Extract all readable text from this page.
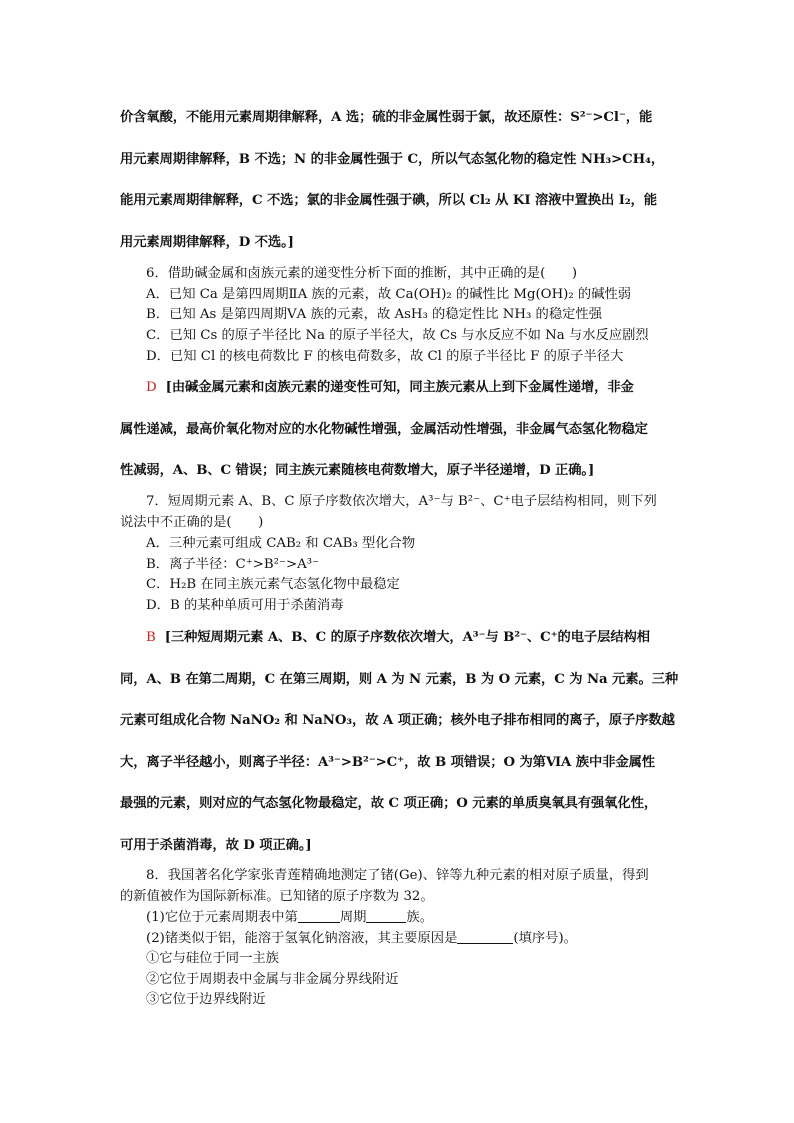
价含氧酸，不能用元素周期律解释，A 选；硫的非金属性弱于氯，故还原性：S²⁻>Cl⁻，能
用元素周期律解释，B 不选；N 的非金属性强于 C，所以气态氢化物的稳定性 NH₃>CH₄，
能用元素周期律解释，C 不选；氯的非金属性强于碘，所以 Cl₂ 从 KI 溶液中置换出 I₂，能
用元素周期律解释，D 不选。]
6．借助碱金属和卤族元素的递变性分析下面的推断，其中正确的是(　　)
A．已知 Ca 是第四周期ⅡA 族的元素，故 Ca(OH)₂ 的碱性比 Mg(OH)₂ 的碱性弱
B．已知 As 是第四周期ⅤA 族的元素，故 AsH₃ 的稳定性比 NH₃ 的稳定性强
C．已知 Cs 的原子半径比 Na 的原子半径大，故 Cs 与水反应不如 Na 与水反应剧烈
D．已知 Cl 的核电荷数比 F 的核电荷数多，故 Cl 的原子半径比 F 的原子半径大
D [由碱金属元素和卤族元素的递变性可知，同主族元素从上到下金属性递增，非金
属性递减，最高价氧化物对应的水化物碱性增强，金属活动性增强，非金属气态氢化物稳定
性减弱，A、B、C 错误；同主族元素随核电荷数增大，原子半径递增，D 正确。]
7．短周期元素 A、B、C 原子序数依次增大，A³⁻与 B²⁻、C⁺电子层结构相同，则下列
说法中不正确的是(　　)
A．三种元素可组成 CAB₂ 和 CAB₃ 型化合物
B．离子半径：C⁺>B²⁻>A³⁻
C．H₂B 在同主族元素气态氢化物中最稳定
D．B 的某种单质可用于杀菌消毒
B [三种短周期元素 A、B、C 的原子序数依次增大，A³⁻与 B²⁻、C⁺的电子层结构相
同，A、B 在第二周期，C 在第三周期，则 A 为 N 元素，B 为 O 元素，C 为 Na 元素。三种
元素可组成化合物 NaNO₂ 和 NaNO₃，故 A 项正确；核外电子排布相同的离子，原子序数越
大，离子半径越小，则离子半径：A³⁻>B²⁻>C⁺，故 B 项错误；O 为第ⅥA 族中非金属性
最强的元素，则对应的气态氢化物最稳定，故 C 项正确；O 元素的单质臭氧具有强氧化性，
可用于杀菌消毒，故 D 项正确。]
8．我国著名化学家张青莲精确地测定了锗(Ge)、锌等九种元素的相对原子质量，得到
的新值被作为国际新标准。已知锗的原子序数为 32。
(1)它位于元素周期表中第	周期	族。
(2)锗类似于铝，能溶于氢氧化钠溶液，其主要原因是	(填序号)。
①它与硅位于同一主族
②它位于周期表中金属与非金属分界线附近
③它位于边界线附近
